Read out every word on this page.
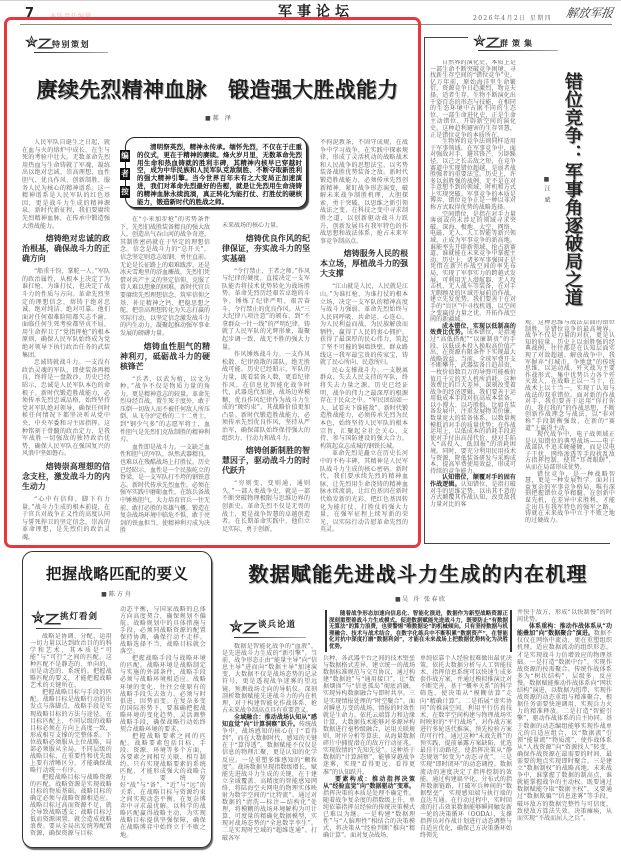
7	本版责任编辑	军事论坛	2026年4月2日 星期四 解放军报
特别策划
赓续先烈精神血脉　锻造强大胜战能力
■郝 泽

清明祭英烈，精神永传承。缅怀先烈，不仅在于庄重的仪式，更在于精神的赓续。烽火岁月里，无数革命先烈用生命和热血铸就的胜利丰碑，其精神内核早已穿越时空，成为中华民族和人民军队克敌制胜、不断夺取新胜利的强大精神引擎。当今世界百年未有之大变局正加速演进，我们对革命先烈最好的告慰，就是让先烈用生命浇铸的精神血脉永续流淌，真正转化为能打仗、打胜仗的硬核能力，锻造新时代的胜战之师。

编
者
按

人民军队自诞生之日起，就在血与火的熔炉中成长，在生与死的考验中壮大。无数革命先烈用热血与生命铸就了军魂，凝练出以绝对忠诚、崇高理想、血性胆气、优良作风、创新制胜、服务人民为核心的精神谱系。这一精神谱系是人民军队的红色基因，更是战斗力生成的精神源泉。新时代新征程，我们要赓续先烈精神血脉，在传承中锻造强大胜战能力。

熔铸绝对忠诚的政治根基，确保战斗力的正确方向

“船重千钧，掌舵一人。”军队的政治属性，从根本上决定了为谁扛枪、为谁打仗，也决定了战斗力的性质与方向。革命先烈坚定的理想信念，熔铸于绝对忠诚、绝对纯洁、绝对可靠。他们面对任何艰难险阻都矢志不渝，面临任何生死考验都坚贞不屈，用生命捍卫了“党指挥枪”的根本原则，确保人民军队始终成为党绝对领导下执行政治任务的武装集团。

忠诚铸就战斗力。一支没有政治灵魂的军队，即使装备再精良，终将是一盘散沙。历史已经昭示，忠诚是人民军队本色的命根子。新时代锻造胜战能力，必须传承先烈忠诚品格，始终坚持党对军队绝对领导，确保任何时候任何情况下都坚决听从党中央、中央军委和习主席指挥。这种铭刻于骨髓的政治定力，是我军战胜一切强敌的独特政治优势，确保人民军队在强国复兴的风浪中坚如磐石。

熔铸崇高理想的信念支柱，激发战斗力的内生动力

“心中有信仰，脚下有力量。”战斗力生成的根本前提，在于官兵对战争正义性的高度认同与誓死捍卫的坚定信念。崇高的革命理想，是先烈们的政治灵魂。

在“小米加步枪”的劣势条件下，先烈们战胜装备精良的强大敌人，创造出气吞山河的战争奇迹，其制胜密码就在于坚定的理想信念。信念是战斗力的“总开关”，信念坚定则意志如钢、勇往直前。无论是长征路上的艰难跋涉，还是冰天雪地里的浴血鏖战，先烈们凭借对共产主义的坚定信仰，克服了常人难以想象的困难。新时代官兵要赓续先烈理想信念，筑牢信仰之基、补足精神之钙、把稳思想之舵，把崇高理想转化为矢志打赢的实际行动，以坚定信念激发战斗力的内生动力，凝聚起推动强军事业发展的磅礴力量。

熔铸血性胆气的精神利刃，砥砺战斗力的硬核锋芒

“兵者，以武为植，以文为种。”战争不仅是物质力量的角力，更是精神意志的较量。革命先烈身经百战，置生死于度外，敢于压倒一切敌人而不被任何敌人所压倒。从飞夺泸定桥的二十二勇士，到“钢少气多”的志愿军将士，血性胆气是先烈们克敌制胜的精神利刃。

血性即是战斗力。一支缺乏血性和胆气的军队，纵然武器精良，也难以在残酷战场上打胜仗。历史已经昭示，血性是一个民族屹立的脊梁，是一支军队打不垮的钢铁意志。新时代传承先烈血性，必须在强军实践中磨砺血性，在练兵备战中锤炼胆气，大力培育官兵一往无前、敢打必胜的英雄气概，锻造在复杂战场环境中临危不惧、敢于亮剑的铁血担当，使精神利刃成为决胜

未来战场的核心力量。

熔铸优良作风的纪律保证，夯实战斗力的坚实基础

“令行禁止，王者之师。”作风与纪律的硬度，直接决定一支军队能否将技术优势转化为战场胜势。革命先烈历经艰苦卓绝的斗争，锤炼了纪律严明、艰苦奋斗、令行禁止的优良作风。从“三大纪律八项注意”的颁布，到“不拿群众一针一线”的严明纪律，铸就了人民军队的光辉形象，凝聚起步调一致、战无不胜的强大力量。

作风锤炼战斗力。一支作风松散、纪律涣散的部队，绝无胜战可能。历史已经昭示，军队的力量，既看装备人数，更看纪律作风。在信息化智能化战争时代，武器迭代加速，战场边界模糊，优良作风纪律作为战斗力生成的“硬约束”，其战略价值更加凸显。新时代锻造胜战能力，必须传承先烈优良作风，坚持从严治军，确保部队始终保持强大的组织力、行动力和战斗力。

熔铸创新制胜的智慧因子，驱动战斗力的时代跃升

“穷则变，变则通，通则久。”一部人类战争史，就是一部不断突破物理极限与思维边界的创新史。革命先烈不仅是无畏的战士，更是战争智慧的卓越创造者。在长期革命实践中，他们立足实际，勇于创新，

不拘泥教条，不固守成规，在战争中学习战争，在实践中探索规律，形成了灵活机动的战略战术和人民战争的思想法宝，以劣势装备战胜优势装备之敌。新时代锻造胜战能力，必须传承先烈创新精神，紧盯战争形态演变，破解未来战争制胜机理，大胆探索、勇于突破，以思维之新引领战法之变，在科技之变中寻求制胜之道，以创新驱动战斗力跃升，创新发展具有我军特色的作战思想和战法体系，抢占未来军事竞争制高点。

熔铸服务人民的根本立场，厚植战斗力的强大支撑

“江山就是人民，人民就是江山。”为谁扛枪、为谁打仗的根本立场，决定一支军队的精神高度与战斗力强弱。革命先烈始终与人民同呼吸、共命运、心连心，为人民利益而战，为民族解放而牺牲，赢得了人民的衷心拥护，获得了最深厚的民心伟力，筑起了坚不可摧的铜墙铁壁。群众路线这一我军最宝贵的传家宝，铸就了民心所向、民意所归。

民心支撑战斗力。一支脱离群众、失去人民支持的军队，终将失去力量之源。历史已经证明，战争的伟力之最深厚的根源存在于民众之中。“军民团结如一人，试看天下谁能敌”。新时代锻造胜战能力，必须传承先烈为民本色，始终坚持人民军队的根本宗旨，汇聚起全社会关心、支持、参与国防建设的强大合力，构筑起众志成城的钢铁长城。

革命先烈是矗立在历史长河中的不朽丰碑，其精神是人民军队战斗力生成的核心密码。新时代，我们要承续先烈的精神血脉，让先烈用生命浇铸的精神血脉永续流淌，让红色基因在新时代焕发新的光彩，把红色基因转化为能打仗、打胜仗的强大力量，在强军征程上续写新的荣光，以实际行动告慰革命先烈的英灵。

群策集
错位竞争：军事角逐破局之道
■汪 斌

自然界的演化史，本质上是一部生命不断突破竞争困境、寻找新生存空间的“错位竞争”史。亿万年前，原始海洋里生命繁衍，资源竞争日趋激烈，物竞天择，适者生存。生物不断演化出千姿百态的形态与技能，在相同的生态环境中占据不同的生态位，一部生命进化史，正是生命主动错位、开辟新空间的演化史。这种趋利避害的生存智慧，正是错位竞争的本质所在。

生物界的竞争法则同样适用于军事领域。在军事竞争中，面对强敌对手，避其锋芒、另辟蹊径，以己之长击敌之短，在竞争赛道中实现错位超越，是弱者战胜强者的重要法宝。历史上，许多以弱胜强的战例，无不是在对手意想不到的领域、时机和方式上实现突破。军事竞争的本质是博弈，错位竞争正是一种以非对称方式取得优势的战略选择。

空间错位，是指在对手力量薄弱或尚未涉足的领域寻求突破。深海、极地、太空、网络、电磁、无人、人工智能等新兴领域，正成为军事竞争的新高地。谁能率先开辟新领域、抢占新赛道，谁就能在未来竞争中掌握主动。历史上，诸多军事强国正是凭借在新兴作战空间的率先布局，实现了军事实力的跨越式发展。可利用无人潜航器、无人攻击机、无人战车等装备，在对手无暇顾及的区域开展前沿作战，建立先发优势。我们要善于在对手的“盲区”中寻找机遇，以空间之变赢得力量之优，开拓作战空间的新疆域。

成本错位，实现以低制高的效费比优势。成本错位，是指通过“高低搭配”“以廉制贵”的手段，以低成本投入换取高价值产出，在资源有限条件下实现最大战略效益。当前，全球军费开支不断攀升，武器装备日趋昂贵，一枚价值数百万的导弹可能被价值几千元的无人机所消耗。这种效费比的巨大差异，深刻改变着战争的经济逻辑。我们要善于运用低成本手段对抗高成本装备，以小博大、以巧胜拙。比如在装备发展中，注重发展物美价廉、数量庞大的装备体系，以数量规模抵消对手的质量优势；在作战运用上，以低成本的消耗手段迫使对手付出高昂代价，使对手陷入“高投入、低回报”的消耗困境。同时，要充分利用民用技术与资源，降低装备研发与采购成本，提高军费使用效益，形成可持续的竞争能力。

认知错位，颠覆对手的固有作战逻辑。认知错位，是指打破对手的思维定势，以出其不意的方式颠覆其作战认知，改变敌我力量对比的客

观。这种思维与战法层面的错位制胜，是错位竞争的最高境界。战争不仅是力量的对抗，更是认知的较量。历史上以弱胜强的经典战例，往往都是在认知层面实现了对敌超越。解放战争中，我军摒弃“打城市、争地盘”的传统思维，以运动战、歼灭战为主要作战形式，集中优势兵力各个歼灭敌人，在战略上以一当十，在战术上以十当一，实现了认知与战法的双重错位。面对新的作战对手，我们要善于运用“你打你的、我打我的”的作战思想，不断创新作战理念与战法，以“非对称”手段制衡强敌，在新的“赛道”上赢得主动。

现代战争中，电子战领域正是认知错位的典型战场——电子战部队不追求硬碰硬，而是以电子干扰、网络渗透等手段扰乱敌方指挥控制，使其“耳聋眼瞎”，从而在局部形成优势。

错位竞争，是一种战略智慧，更是一种发展哲学。面对日益复杂的军事竞争格局，唯有深刻把握错位竞争精髓，在创新中谋先机，在差异中求胜利，才能走出具有我军特色的强军之路，铸就在未来战争中立于不败之地的过硬战力。

把握战略匹配的要义
■陈方舟
挑灯看剑

战略是协调、分配、运用一切力量以达到政治目的的科学和艺术，其本质是“可能”与“可行”之间的匹配。这种匹配不是静态的、单向的，而是动态的、系统的。把握战略匹配的要义，才能把握战略艺术的关键所在。

把握战略目标与手段的匹配。战略目标是战略行动的出发点与落脚点，战略手段是实现战略目标的方法与途径。在目标匹配上，不同层级的战略目标必须在方向上高度一致，形成相互支撑的完整体系。下位战略必须服从上位战略，局部必须服从全局。不同层级的战略目标，在重要性和优先级上要有清晰区分，才能确保战略行动统一有序。

把握战略目标与战略资源的匹配。战略资源是实现战略目标的物质基础，战略目标的确定必须与战略资源相适应。战略目标过高而资源不足，就会导致战略透支；战略目标过低而资源闲置，就会造成战略浪费。要从全局出发统筹配置资源，确保资源与目标

动态平衡，与国家战略的总体方向高度契合，确保规划不偏航。战略规划中的具体措施与手段，必须同战略资源的配置保持协调，确保行动不走样。战略选择不当，战略目标就会落空。

把握战略手段与战略环境的匹配。战略环境是战略制定与实施的外部条件，战略手段必须与战略环境相适应。战略环境的变化，往往会使原有的战略手段失去效力，必须与时俱进、因势而变。在复杂多变的国际形势下，要准确把握战略环境的变化趋势，灵活调整战略手段，确保战略行动始终契合战略环境的要求。

把握战略要素之间的匹配。战略要素包括目标、手段、资源、环境等多个方面，各要素之间相互关联、相互制约。只有实现战略要素的系统匹配，才能形成强大的战略合力。要统筹好“战”与“备”、“近”与“远”的关系，在战略目标与资源约束之间实现动态平衡，在复杂博弈中寻求最优解。以科学的战略匹配赢得战略主动，为实现战略目标提供坚强保障，确保在战略博弈中始终立于不败之地。

数据赋能先进战斗力生成的内在机理
■吴 舟 张春欣
谈兵论道

随着战争形态加速向信息化、智能化演进，数据作为新型战略资源正深刻重塑着战斗力生成模式。促进数据赋能先进战斗力，既要防止“有数据无算法”的算力浪费，也要警惕“唯数据论”的机械倾向。只有坚持数据与机理融合、技术与战术结合，在数字化练兵中不断积累“数据资产”，在智能化对抗中深度打磨“数据利剑”，才能在未来战场上把数据优势转化为决胜优势。

数据是智能化战争的“血液”，是先进战斗力生成的“新引擎”。当前，战争形态正由“能量主导”向“信息主导”进而向“数据主导”加速演变，大数据不仅是战场态势的记录符号，更是透视战争迷雾的望远镜、预测战场走向的导航仪。深刻剖析数据赋能先进战斗力的内在机理，对于构建智能化作战体系、抢占未来战争制高点具有重要意义。

全域融合：推动战场认知从“感知直觉”向“计算洞察”跃升。传统战争中，战场感知的核心在于“看得到”，而在大数据时代，感知的关键在于“算得透”。数据赋能不仅仅是信息的物理汇聚，更是认知的化学反应。一是重塑多维感知的“颗粒度”。战场数据呈现指数级增长，赋能先进战斗力生成的关键，在于建立全域覆盖、高精度的智能感知网络，将陆海空天网电的物理实体映射为数字空间的“比特流”。通过对数据的“清洗—标注—结构化”处理，将模糊的战场环境解构为可计算、可度量的精确化数据模型，实现对战场态势的“全息数字孪生”。二是实现时空域的“超维连通”。打破各军

兵种、各武器平台之间的技术壁垒与数据格式差异，建立统一的战场数据标准规范与交互协议，通过构建“数据池”与“通用接口”，让“数据烟囱”与“信息孤岛”彻底消融，实现异构数据融合与即时共享。三是实现情报处理的“时空聚合”。面对瞬息万变的战场，情报的时效性就是生命力。依托云端算力和边缘计算，大数据技术能够对多源异构数据进行毫秒级融合，运用关联规则、时序分析等算法，从海量数据碎片中捕捉潜在的敌方行动征兆，实现敌情的“先知先觉”。这种基于数据的“计算洞察”，能够穿越战争迷雾，实现“看得更远、看得更准”的认知跃升。

要素构成：推动指挥决策从“经验直觉”向“数据驱动”变革。指挥决策的本质是处理不确定性。随着战争复杂度的指数级上升，单纯依靠指挥员经验的传统决策模式已难以为继。一是构建“数据理性”与“人脑理性”相结合的决策模式，将决策从“经验判断”推向“精确计算”。面对复杂战场，

单纯依靠个人经验很难做出最优决策。依托大数据分析与人工智能技术，指挥信息系统可以快速生成多套作战方案，并通过模拟推演比对不断完善，基于“概率关系”的科学筛选，使决策从“模糊估算”走向“精确计算”。二是拓展“虚实协同”的推演空间。利用平行仿真技术，在数字空间构建与物理战场实时映射的“平行战场”，对作战方案进行多轮迭代推演，预先检验方案的可行性。通过这种“未战先胜”的预实践，提前暴露方案缺陷，优选最佳行动路径，使指挥决策从“静态规划”转变为“动态寻优”。三是实现“即时闭环”的动态调控。数据流动的速度决定了指挥控制的效能。通过构建扁平化、分布式的指挥数据链路，打破军兵种间的“数据壁垒”，实现感知端与执行端的直达互通。在行动过程中，实时回流的打击效果数据能够瞬间触发新一轮的决策循环（OODA），支撑指挥员对作战计划进行动态调整与自适应优化，确保己方决策循环始终领先

并快于敌方，形成“以快制慢”的时间优势。

体系重构：推动作战体系从“功能叠加”向“数据聚合”演进。数据不仅仅在网络中流动，更在重塑组织机理。适应数据流动的组织形态，才是实现战斗力倍增效应的物理基础。一是打造“数据中台”，实现作战资源的按需聚合。传统作战体系多为“树状结构”，层级多、反应慢。数据赋能推动作战体系向“网状结构”演进，以数据为纽带，实现作战资源的动态重组与精准聚合，根据任务需要快速调用，实现兵力火力的精准释放。二是打造“智能引擎”，驱动作战体系的自主协同。基于数据的动态编组能够实现作战单元的自适应组合，以“数据流”引领“能量流”“物质流”，使作战体系从“人找资源”向“资源找人”转变，确保作战资源在最需要的时间、最需要的地点实现即时聚合。三是建立“数据制权”的战略高地。未来战争中，谁掌握了数据的制高点，谁就能掌握战争的主动权。既要通过数据赋能夺取“数据主权”，又要通过“数据欺骗”“信息迷雾”等手段，破坏敌方的数据完整性与可信度，致使敌方算法失效、决策瘫痪，从而实现“不战而屈人之兵”。
